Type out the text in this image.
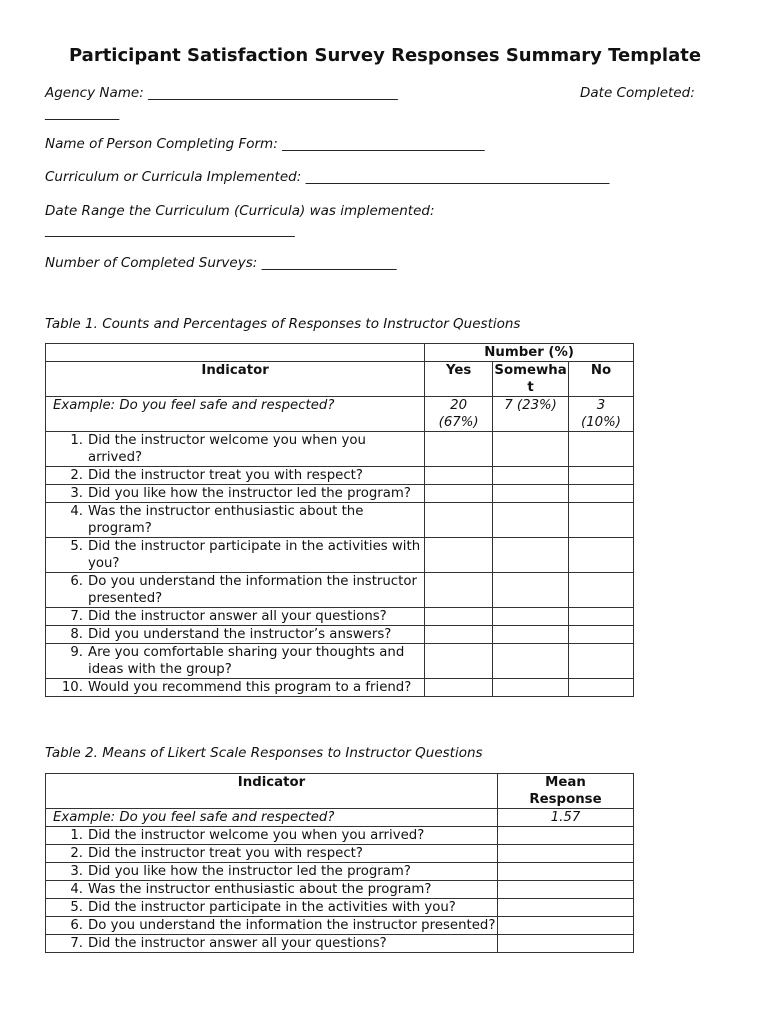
Participant Satisfaction Survey Responses Summary Template
Agency Name: _____________________________________	Date Completed:
___________
Name of Person Completing Form: ______________________________
Curriculum or Curricula Implemented: _____________________________________________
Date Range the Curriculum (Curricula) was implemented:
_____________________________________
Number of Completed Surveys: ____________________
Table 1. Counts and Percentages of Responses to Instructor Questions
	Number (%)		
Indicator	Yes	Somewhat	No
Example: Do you feel safe and respected?	20 (67%)	7 (23%)	3 (10%)

1. Did the instructor welcome you when you arrived?			

2. Did the instructor treat you with respect?			

3. Did you like how the instructor led the program?			

4. Was the instructor enthusiastic about the program?			

5. Did the instructor participate in the activities with you?			

6. Do you understand the information the instructor presented?			

7. Did the instructor answer all your questions?			

8. Did you understand the instructor’s answers?			

9. Are you comfortable sharing your thoughts and ideas with the group?			

10. Would you recommend this program to a friend?			

Table 2. Means of Likert Scale Responses to Instructor Questions
Indicator	Mean Response
Example: Do you feel safe and respected?	1.57

1. Did the instructor welcome you when you arrived?	

2. Did the instructor treat you with respect?	

3. Did you like how the instructor led the program?	

4. Was the instructor enthusiastic about the program?	

5. Did the instructor participate in the activities with you?	

6. Do you understand the information the instructor presented?	

7. Did the instructor answer all your questions?	
